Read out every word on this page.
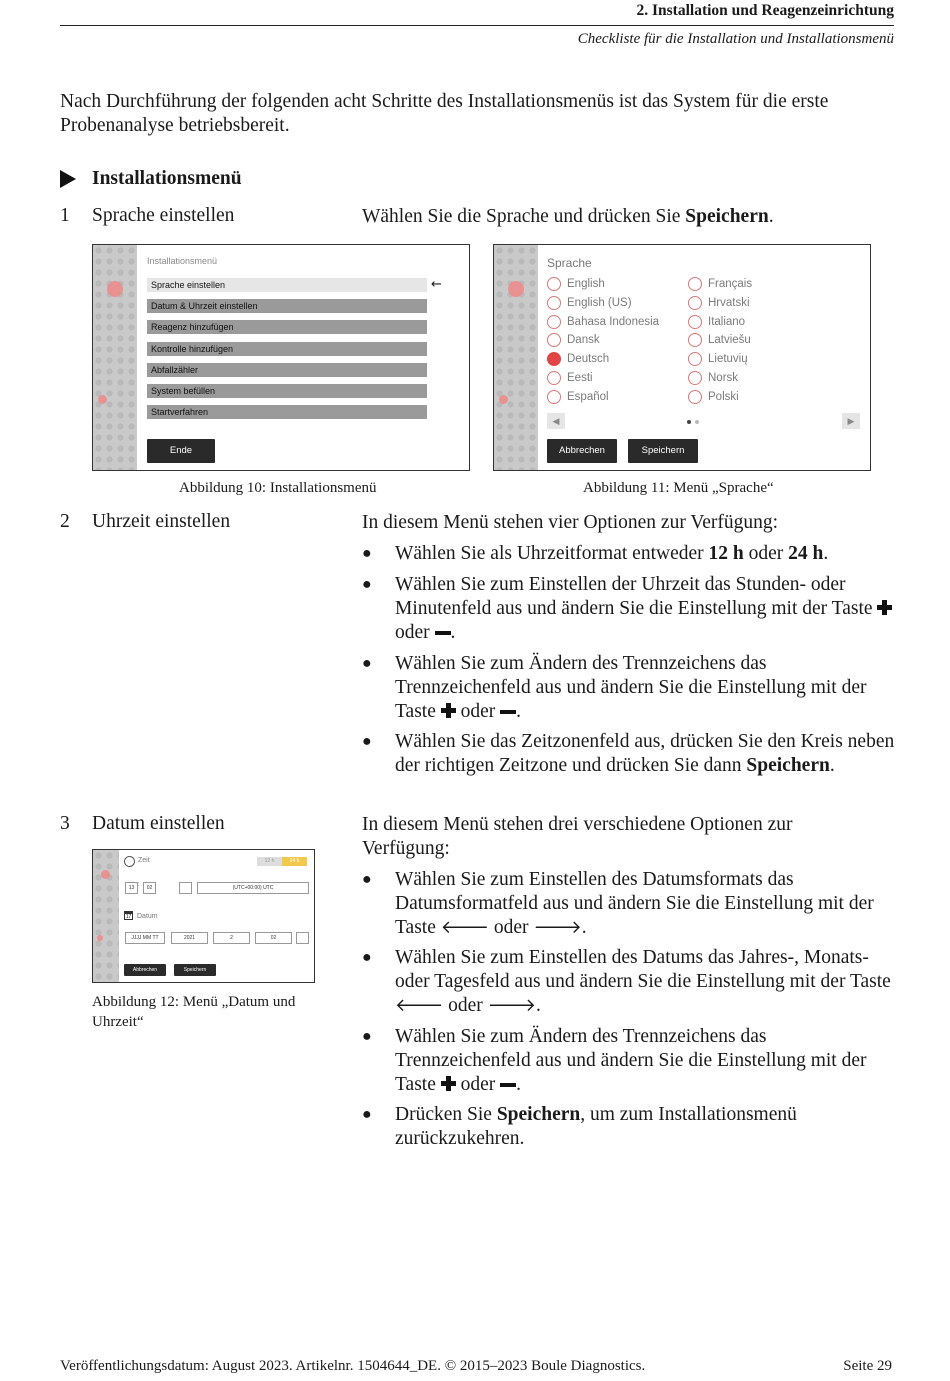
2. Installation und Reagenzeinrichtung
Checkliste für die Installation und Installationsmenü
Nach Durchführung der folgenden acht Schritte des Installationsmenüs ist das System für die erste Probenanalyse betriebsbereit.
Installationsmenü
1 Sprache einstellen	Wählen Sie die Sprache und drücken Sie Speichern.
Installationsmenü
Sprache einstellen
Datum & Uhrzeit einstellen
Reagenz hinzufügen
Kontrolle hinzufügen
Abfallzähler
System befüllen
Startverfahren
←
Ende
Abbildung 10: Installationsmenü
Sprache
English
English (US)
Bahasa Indonesia
Dansk
Deutsch
Eesti
Español
Français
Hrvatski
Italiano
Latviešu
Lietuvių
Norsk
Polski
◀	▶
Abbrechen	Speichern
Abbildung 11: Menü „Sprache“
2 Uhrzeit einstellen	In diesem Menü stehen vier Optionen zur Verfügung:
● Wählen Sie als Uhrzeitformat entweder 12 h oder 24 h.
● Wählen Sie zum Einstellen der Uhrzeit das Stunden- oder Minutenfeld aus und ändern Sie die Einstellung mit der Taste  oder .
● Wählen Sie zum Ändern des Trennzeichens das Trennzeichenfeld aus und ändern Sie die Einstellung mit der Taste oder .
● Wählen Sie das Zeitzonenfeld aus, drücken Sie den Kreis neben der richtigen Zeitzone und drücken Sie dann Speichern.
3 Datum einstellen	In diesem Menü stehen drei verschiedene Optionen zur Verfügung:
Zeit	12 h	24 h
13 :	02	(UTC+00:00) UTC
17 Datum
JJJJ MM TT	2021	2	02
Abbrechen	Speichern
Abbildung 12: Menü „Datum und Uhrzeit“
● Wählen Sie zum Einstellen des Datumsformats das Datumsformatfeld aus und ändern Sie die Einstellung mit der Taste 🡐 oder 🡒.
● Wählen Sie zum Einstellen des Datums das Jahres-, Monats- oder Tagesfeld aus und ändern Sie die Einstellung mit der Taste 🡐 oder 🡒.
● Wählen Sie zum Ändern des Trennzeichens das Trennzeichenfeld aus und ändern Sie die Einstellung mit der Taste oder .
● Drücken Sie Speichern, um zum Installationsmenü zurückzukehren.
Veröffentlichungsdatum: August 2023. Artikelnr. 1504644_DE. © 2015–2023 Boule Diagnostics.	Seite 29
